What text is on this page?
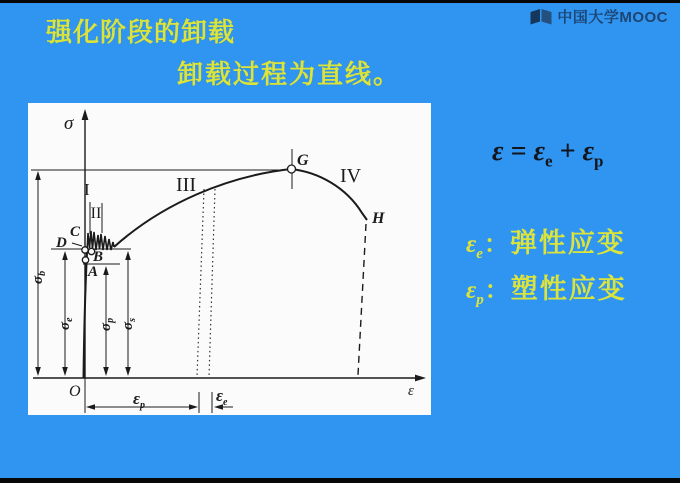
强化阶段的卸载
卸载过程为直线。
中国大学MOOC
σ
ε
O
$\sigma_b$
$\sigma_e$
$\sigma_p$
$\sigma_s$
I
II
III	IV
A
B
C
D
G
H
$\varepsilon_p$
$\varepsilon_e$
$\varepsilon = \varepsilon_e + \varepsilon_p$
$\varepsilon_e$ ： 弹性应变
$\varepsilon_p$ ： 塑性应变
